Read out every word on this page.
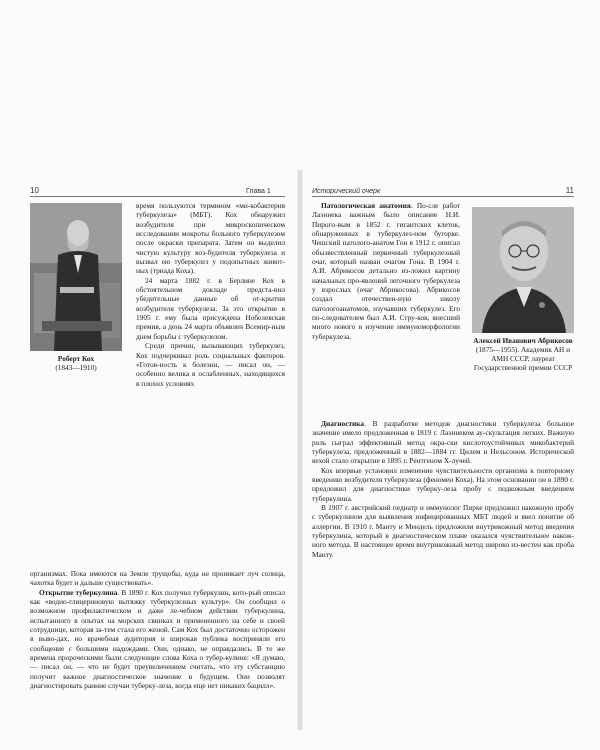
10	Глава 1
Роберт Кох
(1843—1910)

время пользуются термином «ми-кобактерия туберкулеза» (МБТ). Кох обнаружил возбудителя при микроскопическом исследовании мокроты больного туберкулезом после окраски препарата. Затем он выделил чистую культуру воз-будителя туберкулеза и вызвал ею туберкулез у подопытных живот-ных (триада Коха).

24 марта 1882 г. в Берлине Кох в обстоятельном докладе предста-вил убедительные данные об от-крытии возбудителя туберкулеза. За это открытие в 1905 г. ему была присуждена Нобелевская премия, а день 24 марта объявлен Всемир-ным днем борьбы с туберкулезом.

Среди причин, вызывающих туберкулез, Кох подчеркивал роль социальных факторов. «Готов-ность к болезни, — писал он, — особенно велика в ослабленных, находящихся в плохих условиях

организмах. Пока имеются на Земле трущобы, куда не проникает луч солнца, чахотка будет и дальше существовать».

Открытие туберкулина. В 1890 г. Кох получил туберкулин, кото-рый описал как «водно-глицериновую вытяжку туберкулезных культур». Он сообщил о возможном профилактическом и даже ле-чебном действии туберкулина, испытанного в опытах на морских свинках и примененного на себе и своей сотруднице, которая за-тем стала его женой. Сам Кох был достаточно осторожен в выво-дах, но врачебная аудитория и широкая публика восприняли его сообщение с большими надеждами. Они, однако, не оправдались. В те же времена пророческими были следующие слова Коха о тубер-кулине: «Я думаю, — писал он, — что не будет преувеличением считать, что эту субстанцию получит важное диагностическое значение в будущем. Они позволят диагностировать ранние случаи туберку-леза, когда еще нет никаких бацилл».

Исторический очерк	11

Патологическая анатомия. По-сле работ Лаэннека важным было описание Н.И. Пирого-вым в 1852 г. гигантских клеток, обнаруженных в туберкулез-ном бугорке. Чешский патолого-анатом Гон в 1912 г. описал обызвествленный первичный туберкулезный очаг, который назван очагом Гона. В 1904 г. А.И. Абрикосов детально из-ложил картину начальных про-явлений легочного туберкулеза у взрослых (очаг Абрикосова). Абрикосов создал отечествен-ную школу патологоанатомов, изучавших туберкулез. Его по-следователем был А.И. Стру-ков, внесший много нового в изучение иммуноморфологии туберкулеза.	Алексей Иванович Абрикосов
(1875—1955). Академик АН и АМН СССР, лауреат Государственной премии СССР

Диагностика. В разработке методов диагностики туберкулеза большое значение имело предложенная в 1819 г. Лаэннеком ау-скультация легких. Важную роль сыграл эффективный метод окра-ски кислотоустойчивых микобактерий туберкулеза, предложенный в 1882—1884 гг. Цилем и Нельсоном. Исторической вехой стало открытие в 1895 г. Рентгеном Х-лучей.

Кох впервые установил изменение чувствительности организма к повторному введению возбудителя туберкулеза (феномен Коха). На этом основании он в 1890 г. предложил для диагностики туберку-леза пробу с подкожным введением туберкулина.

В 1907 г. австрийский педиатр и иммунолог Пирке предложил накожную пробу с туберкулином для выявления инфицированных МБТ людей и ввел понятие об аллергии. В 1910 г. Манту и Мендель предложили внутрикожный метод введения туберкулина, который в диагностическом плане оказался чувствительнее накож-ного метода. В настоящее время внутрикожный метод широко из-вестен как проба Манту.
